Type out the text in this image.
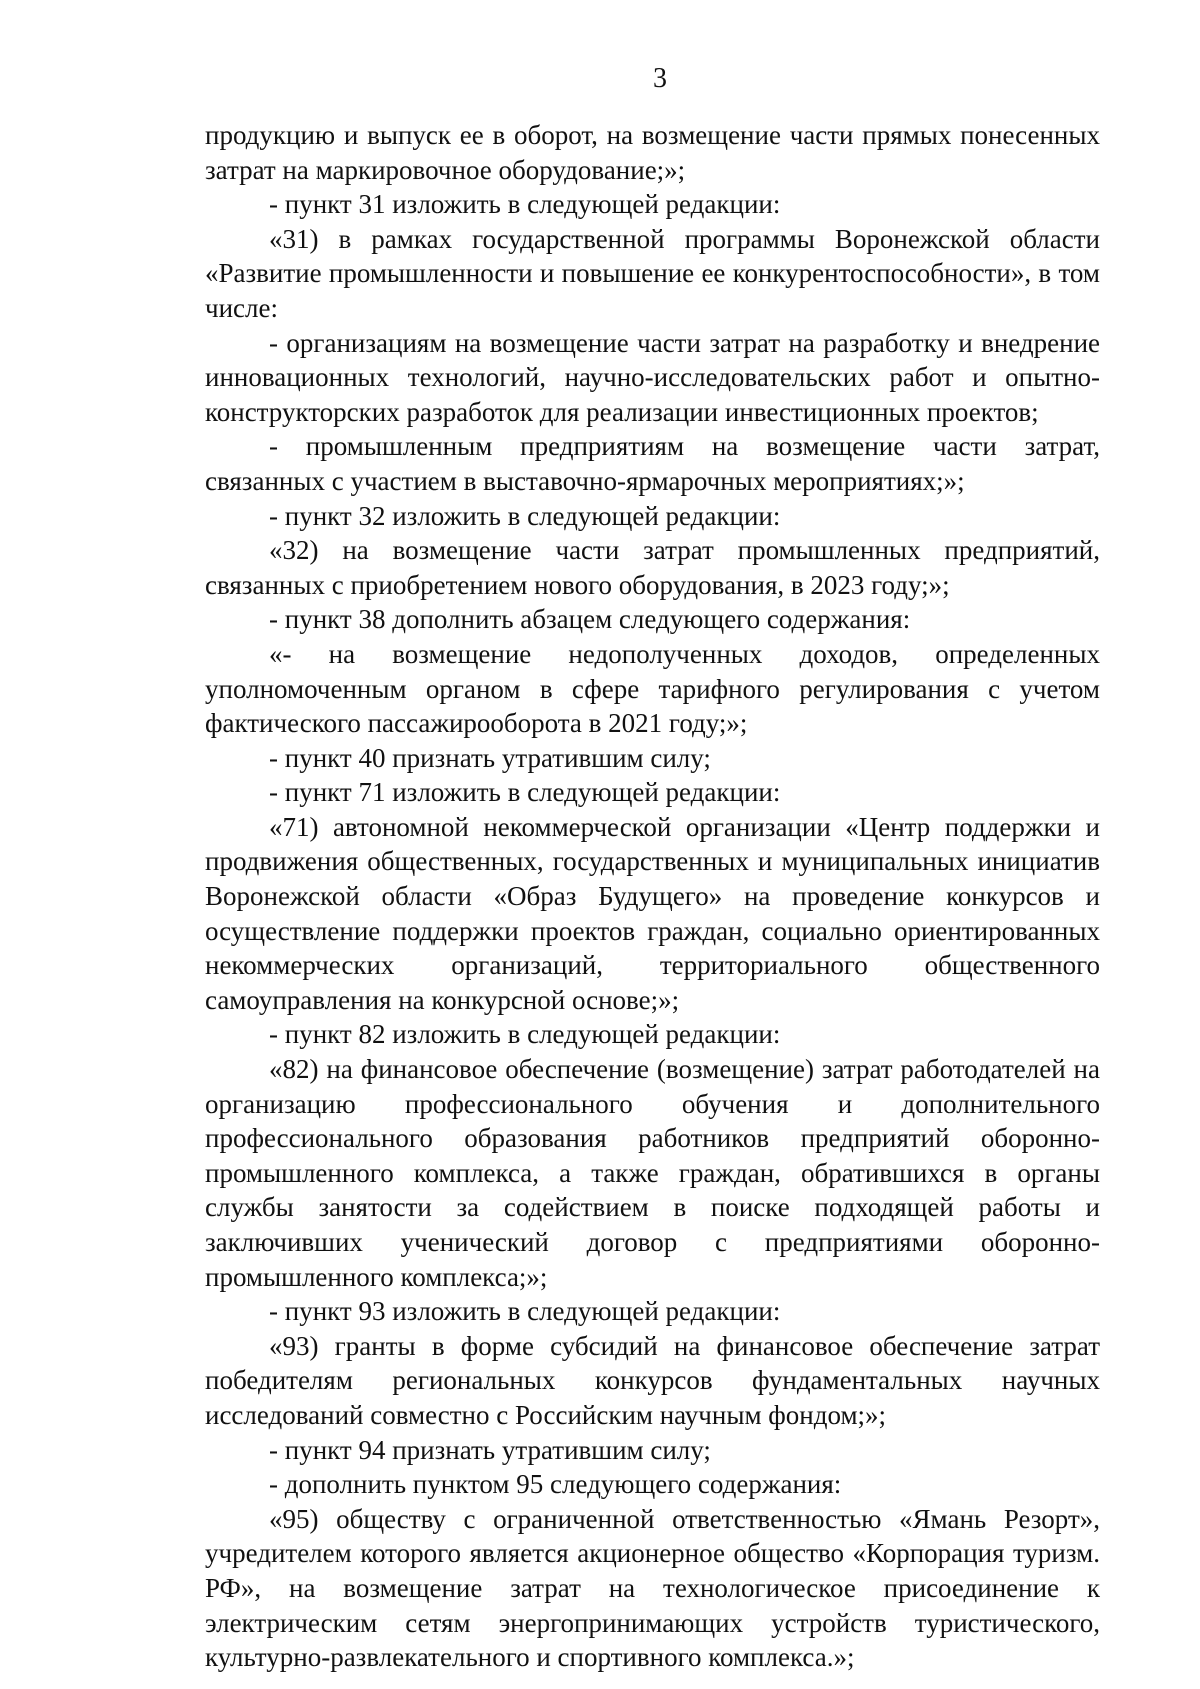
3

продукцию и выпуск ее в оборот, на возмещение части прямых понесенных затрат на маркировочное оборудование;»;

- пункт 31 изложить в следующей редакции:

«31) в рамках государственной программы Воронежской области «Развитие промышленности и повышение ее конкурентоспособности», в том числе:

- организациям на возмещение части затрат на разработку и внедрение инновационных технологий, научно-исследовательских работ и опытно-конструкторских разработок для реализации инвестиционных проектов;

- промышленным предприятиям на возмещение части затрат, связанных с участием в выставочно-ярмарочных мероприятиях;»;

- пункт 32 изложить в следующей редакции:

«32) на возмещение части затрат промышленных предприятий, связанных с приобретением нового оборудования, в 2023 году;»;

- пункт 38 дополнить абзацем следующего содержания:

«- на возмещение недополученных доходов, определенных уполномоченным органом в сфере тарифного регулирования с учетом фактического пассажирооборота в 2021 году;»;

- пункт 40 признать утратившим силу;

- пункт 71 изложить в следующей редакции:

«71) автономной некоммерческой организации «Центр поддержки и продвижения общественных, государственных и муниципальных инициатив Воронежской области «Образ Будущего» на проведение конкурсов и осуществление поддержки проектов граждан, социально ориентированных некоммерческих организаций, территориального общественного самоуправления на конкурсной основе;»;

- пункт 82 изложить в следующей редакции:

«82) на финансовое обеспечение (возмещение) затрат работодателей на организацию профессионального обучения и дополнительного профессионального образования работников предприятий оборонно-промышленного комплекса, а также граждан, обратившихся в органы службы занятости за содействием в поиске подходящей работы и заключивших ученический договор с предприятиями оборонно-промышленного комплекса;»;

- пункт 93 изложить в следующей редакции:

«93) гранты в форме субсидий на финансовое обеспечение затрат победителям региональных конкурсов фундаментальных научных исследований совместно с Российским научным фондом;»;

- пункт 94 признать утратившим силу;

- дополнить пунктом 95 следующего содержания:

«95) обществу с ограниченной ответственностью «Ямань Резорт», учредителем которого является акционерное общество «Корпорация туризм. РФ», на возмещение затрат на технологическое присоединение к электрическим сетям энергопринимающих устройств туристического, культурно-развлекательного и спортивного комплекса.»;
